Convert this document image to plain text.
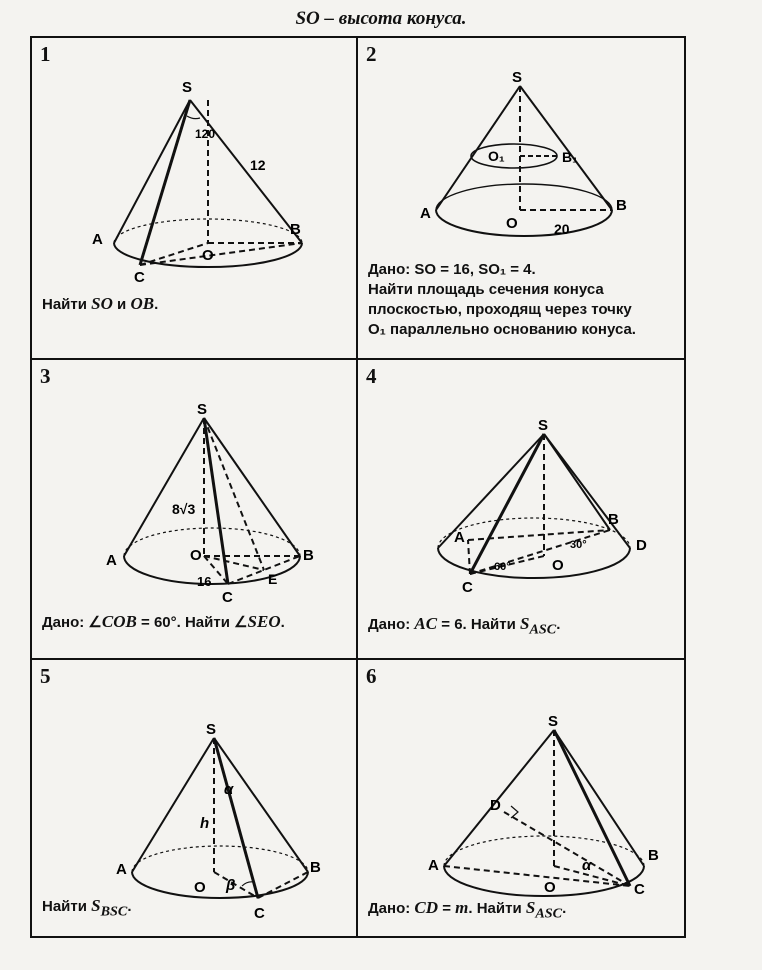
SO – высота конуса.
1
S
A
B
C
O
120
12
Найти SO и OB.
2
S
A	B
O
O₁	B₁
20
Дано: SO = 16, SO₁ = 4.
Найти площадь сечения конуса
плоскостью, проходящ через точку
O₁ параллельно основанию конуса.
3
S
A	B
C
O
E
8√3
16
Дано: ∠COB = 60°. Найти ∠SEO.
4
S
A
B
C
D
O
60°
30°
Дано: AC = 6. Найти $S_{ASC}$.
5
S
A	B
C
O
h
α
β
Найти $S_{BSC}$.
6
S
A
B
C
D
O
α
Дано: CD = m. Найти $S_{ASC}$.
